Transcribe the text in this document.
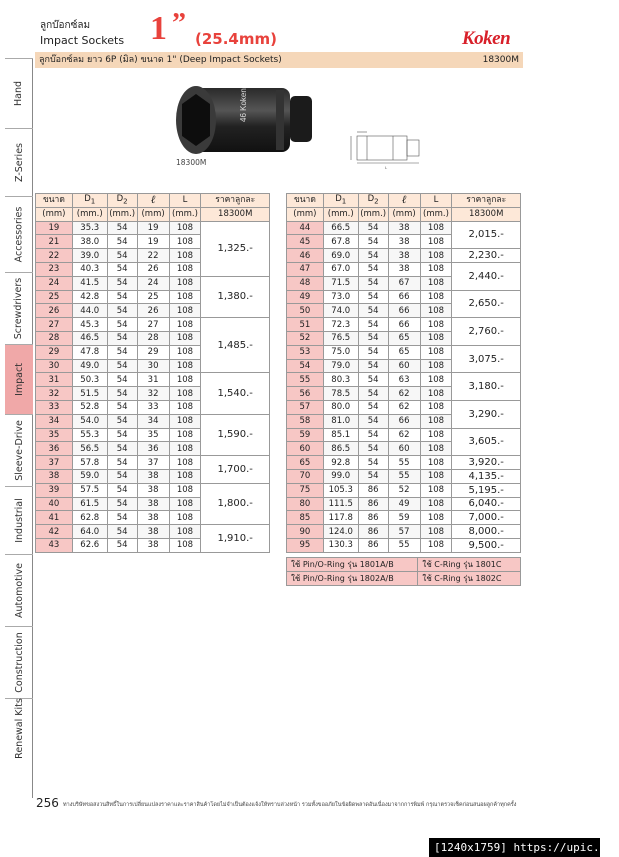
ลูกบ๊อกซ์ลม
Impact Sockets 1 ” (25.4mm)	Koken
ลูกบ๊อกซ์ลม ยาว 6P (มิล) ขนาด 1" (Deep Impact Sockets)	18300M
Hand
Z-Series
Accessories
Screwdrivers
Impact
Sleeve-Drive
Industrial
Automotive
Construction
Renewal Kits
46 Koken
18300M
L
ขนาด	$D_1$	$D_2$	ℓ	L	ราคาลูกละ
(mm)	(mm.)	(mm.)	(mm)	(mm.)	18300M
19	35.3	54	19	108	1,325.-
21	38.0	54	19	108	
22	39.0	54	22	108	
23	40.3	54	26	108	
24	41.5	54	24	108	1,380.-
25	42.8	54	25	108	
26	44.0	54	26	108	
27	45.3	54	27	108	1,485.-
28	46.5	54	28	108	
29	47.8	54	29	108	
30	49.0	54	30	108	
31	50.3	54	31	108	1,540.-
32	51.5	54	32	108	
33	52.8	54	33	108	
34	54.0	54	34	108	1,590.-
35	55.3	54	35	108	
36	56.5	54	36	108	
37	57.8	54	37	108	1,700.-
38	59.0	54	38	108	
39	57.5	54	38	108	1,800.-
40	61.5	54	38	108	
41	62.8	54	38	108	
42	64.0	54	38	108	1,910.-
43	62.6	54	38	108	
ขนาด	$D_1$	$D_2$	ℓ	L	ราคาลูกละ
(mm)	(mm.)	(mm.)	(mm)	(mm.)	18300M
44	66.5	54	38	108	2,015.-
45	67.8	54	38	108	
46	69.0	54	38	108	2,230.-
47	67.0	54	38	108	2,440.-
48	71.5	54	67	108	
49	73.0	54	66	108	2,650.-
50	74.0	54	66	108	
51	72.3	54	66	108	2,760.-
52	76.5	54	65	108	
53	75.0	54	65	108	3,075.-
54	79.0	54	60	108	
55	80.3	54	63	108	3,180.-
56	78.5	54	62	108	
57	80.0	54	62	108	3,290.-
58	81.0	54	66	108	
59	85.1	54	62	108	3,605.-
60	86.5	54	60	108	
65	92.8	54	55	108	3,920.-
70	99.0	54	55	108	4,135.-
75	105.3	86	52	108	5,195.-
80	111.5	86	49	108	6,040.-
85	117.8	86	59	108	7,000.-
90	124.0	86	57	108	8,000.-
95	130.3	86	55	108	9,500.-
ใช้ Pin/O-Ring รุ่น 1801A/B	ใช้ C-Ring รุ่น 1801C
ใช้ Pin/O-Ring รุ่น 1802A/B	ใช้ C-Ring รุ่น 1802C
256 ทางบริษัทขอสงวนสิทธิ์ในการเปลี่ยนแปลงราคาและราคาสินค้าโดยไม่จำเป็นต้องแจ้งให้ทราบล่วงหน้า รวมทั้งขออภัยในข้อผิดพลาดอันเนื่องมาจากการพิมพ์ กรุณาตรวจเช็คก่อนสนอผลูกค้าทุกครั้ง
[1240x1759] https://upic.me/
